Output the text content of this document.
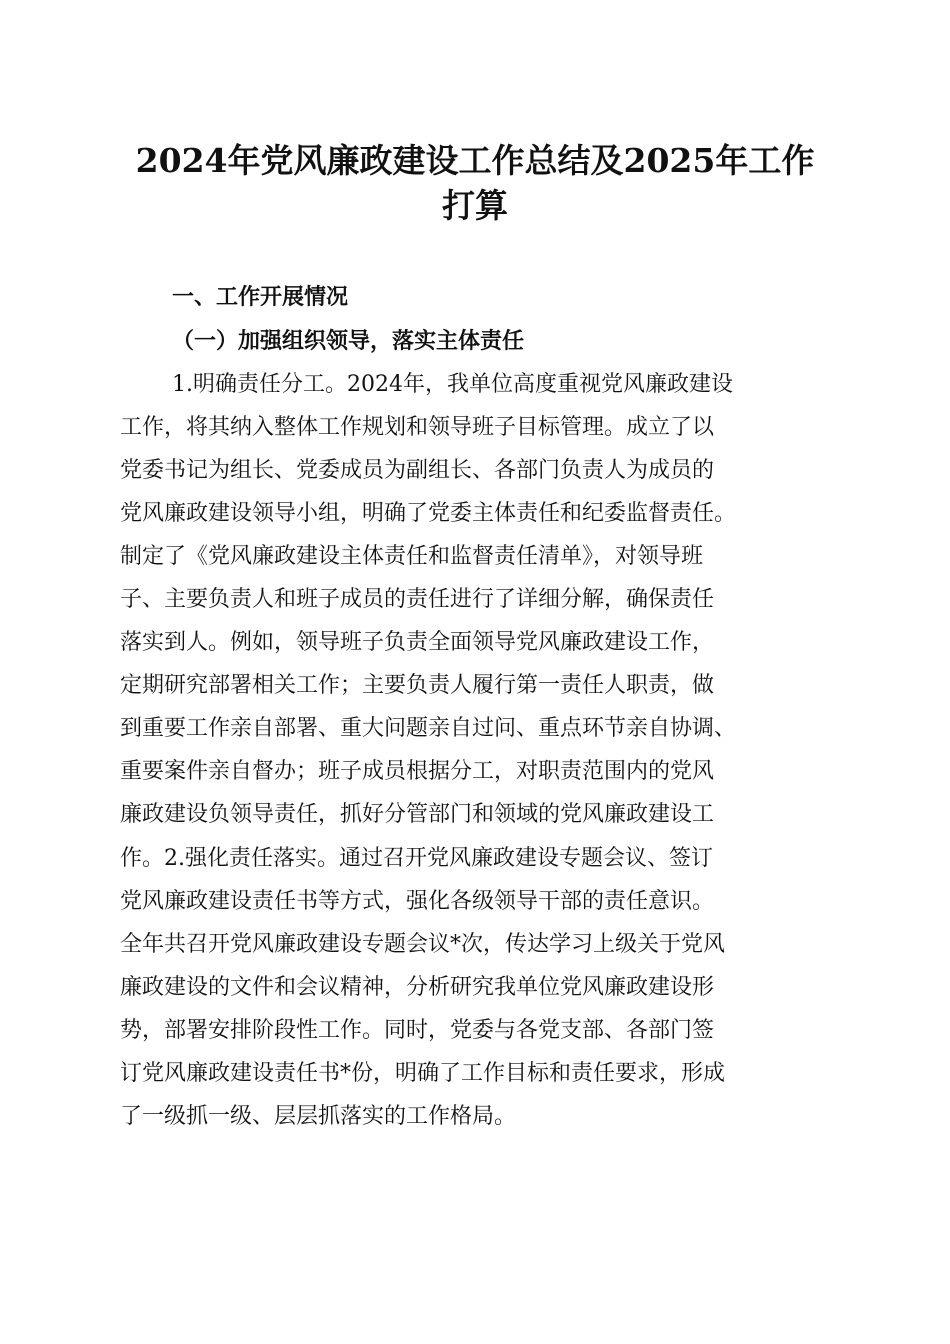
2024年党风廉政建设工作总结及2025年工作
打算
一、工作开展情况
（一）加强组织领导，落实主体责任
1.明确责任分工。2024年，我单位高度重视党风廉政建设
工作，将其纳入整体工作规划和领导班子目标管理。成立了以
党委书记为组长、党委成员为副组长、各部门负责人为成员的
党风廉政建设领导小组，明确了党委主体责任和纪委监督责任。
制定了《党风廉政建设主体责任和监督责任清单》，对领导班
子、主要负责人和班子成员的责任进行了详细分解，确保责任
落实到人。例如，领导班子负责全面领导党风廉政建设工作，
定期研究部署相关工作；主要负责人履行第一责任人职责，做
到重要工作亲自部署、重大问题亲自过问、重点环节亲自协调、
重要案件亲自督办；班子成员根据分工，对职责范围内的党风
廉政建设负领导责任，抓好分管部门和领域的党风廉政建设工
作。2.强化责任落实。通过召开党风廉政建设专题会议、签订
党风廉政建设责任书等方式，强化各级领导干部的责任意识。
全年共召开党风廉政建设专题会议*次，传达学习上级关于党风
廉政建设的文件和会议精神，分析研究我单位党风廉政建设形
势，部署安排阶段性工作。同时，党委与各党支部、各部门签
订党风廉政建设责任书*份，明确了工作目标和责任要求，形成
了一级抓一级、层层抓落实的工作格局。
